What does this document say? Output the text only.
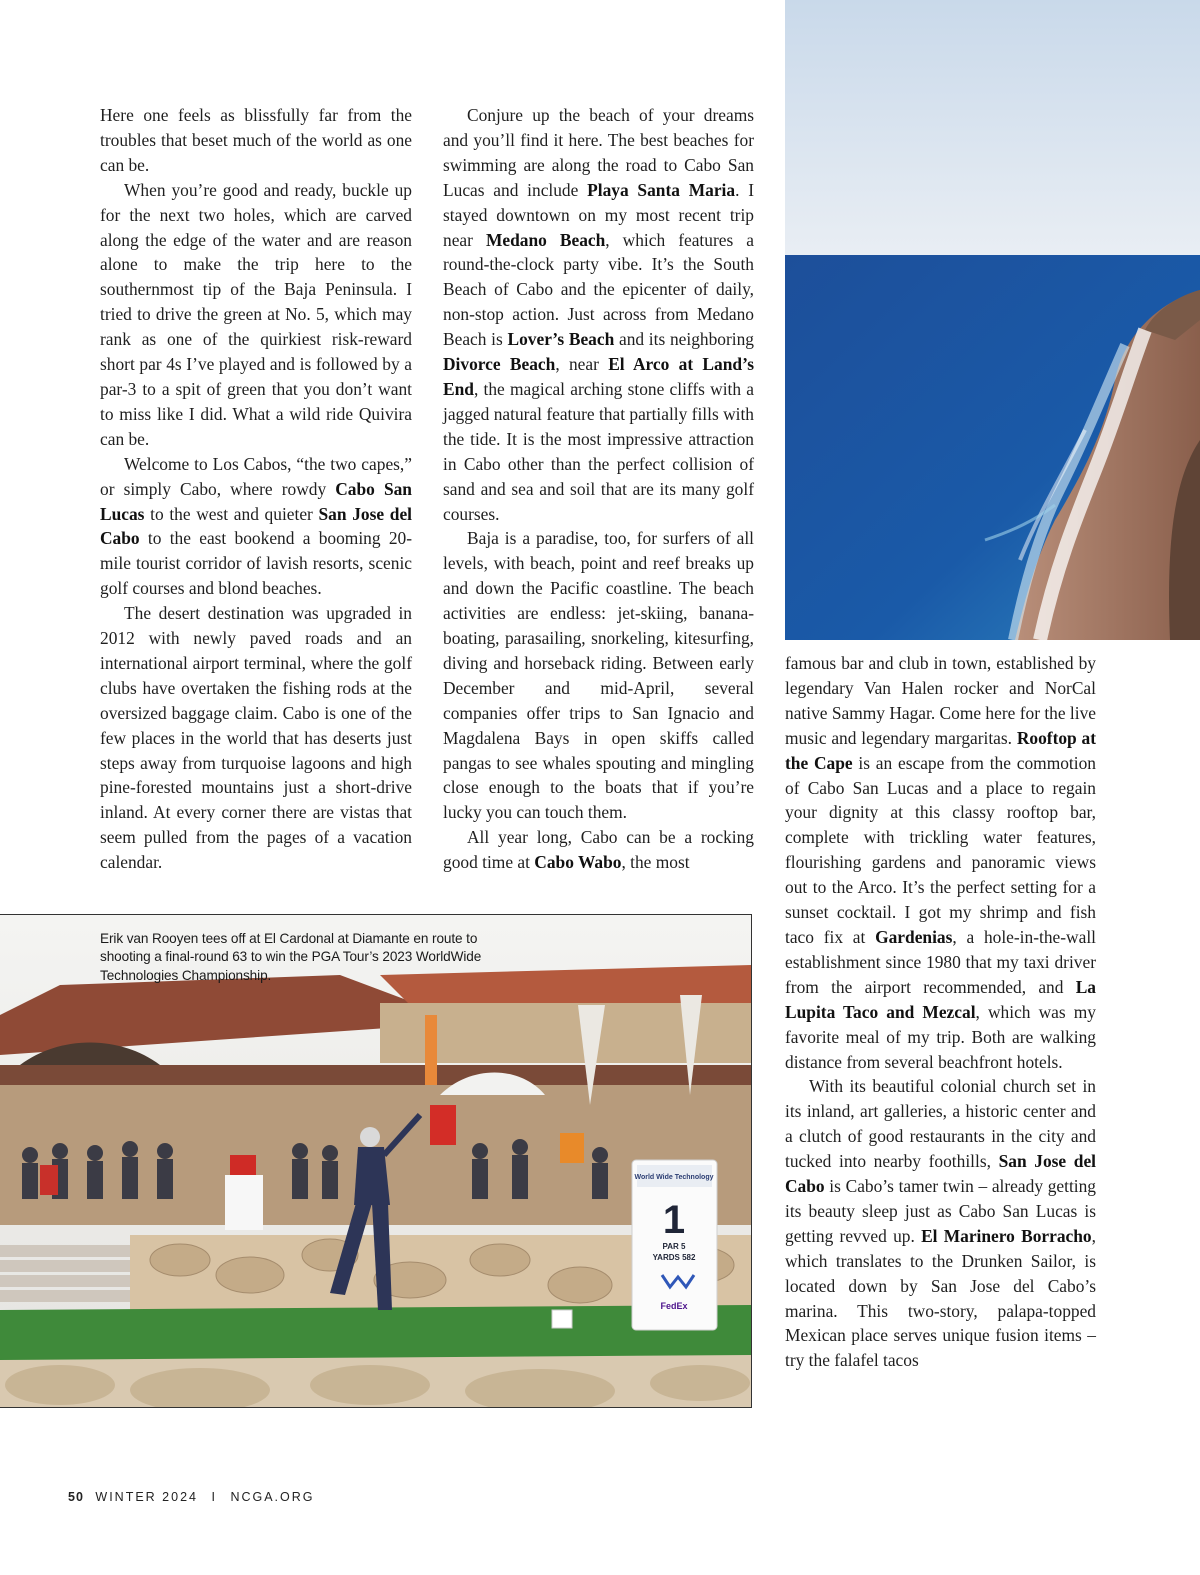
Here one feels as blissfully far from the troubles that beset much of the world as one can be.

When you’re good and ready, buckle up for the next two holes, which are carved along the edge of the water and are reason alone to make the trip here to the southernmost tip of the Baja Peninsula. I tried to drive the green at No. 5, which may rank as one of the quirkiest risk-reward short par 4s I’ve played and is followed by a par-3 to a spit of green that you don’t want to miss like I did. What a wild ride Quivira can be.

Welcome to Los Cabos, “the two capes,” or simply Cabo, where rowdy Cabo San Lucas to the west and quieter San Jose del Cabo to the east bookend a booming 20-mile tourist corridor of lavish resorts, scenic golf courses and blond beaches.

The desert destination was upgraded in 2012 with newly paved roads and an international airport terminal, where the golf clubs have overtaken the fishing rods at the oversized baggage claim. Cabo is one of the few places in the world that has deserts just steps away from turquoise lagoons and high pine-forested mountains just a short-drive inland. At every corner there are vistas that seem pulled from the pages of a vacation calendar.

Conjure up the beach of your dreams and you’ll find it here. The best beaches for swimming are along the road to Cabo San Lucas and include Playa Santa Maria. I stayed downtown on my most recent trip near Medano Beach, which features a round-the-clock party vibe. It’s the South Beach of Cabo and the epicenter of daily, non-stop action. Just across from Medano Beach is Lover’s Beach and its neighboring Divorce Beach, near El Arco at Land’s End, the magical arching stone cliffs with a jagged natural feature that partially fills with the tide. It is the most impressive attraction in Cabo other than the perfect collision of sand and sea and soil that are its many golf courses.

Baja is a paradise, too, for surfers of all levels, with beach, point and reef breaks up and down the Pacific coastline. The beach activities are endless: jet-skiing, banana-boating, parasailing, snorkeling, kitesurfing, diving and horseback riding. Between early December and mid-April, several companies offer trips to San Ignacio and Magdalena Bays in open skiffs called pangas to see whales spouting and mingling close enough to the boats that if you’re lucky you can touch them.

All year long, Cabo can be a rocking good time at Cabo Wabo, the most

famous bar and club in town, established by legendary Van Halen rocker and NorCal native Sammy Hagar. Come here for the live music and legendary margaritas. Rooftop at the Cape is an escape from the commotion of Cabo San Lucas and a place to regain your dignity at this classy rooftop bar, complete with trickling water features, flourishing gardens and panoramic views out to the Arco. It’s the perfect setting for a sunset cocktail. I got my shrimp and fish taco fix at Gardenias, a hole-in-the-wall establishment since 1980 that my taxi driver from the airport recommended, and La Lupita Taco and Mezcal, which was my favorite meal of my trip. Both are walking distance from several beachfront hotels.

With its beautiful colonial church set in its inland, art galleries, a historic center and a clutch of good restaurants in the city and tucked into nearby foothills, San Jose del Cabo is Cabo’s tamer twin – already getting its beauty sleep just as Cabo San Lucas is getting revved up. El Marinero Borracho, which translates to the Drunken Sailor, is located down by San Jose del Cabo’s marina. This two-story, palapa-topped Mexican place serves unique fusion items – try the falafel tacos

World Wide Technology
1
PAR 5
YARDS 582
FedEx
Erik van Rooyen tees off at El Cardonal at Diamante en route to shooting a final-round 63 to win the PGA Tour’s 2023 WorldWide Technologies Championship.
50 WINTER 2024 I NCGA.ORG
